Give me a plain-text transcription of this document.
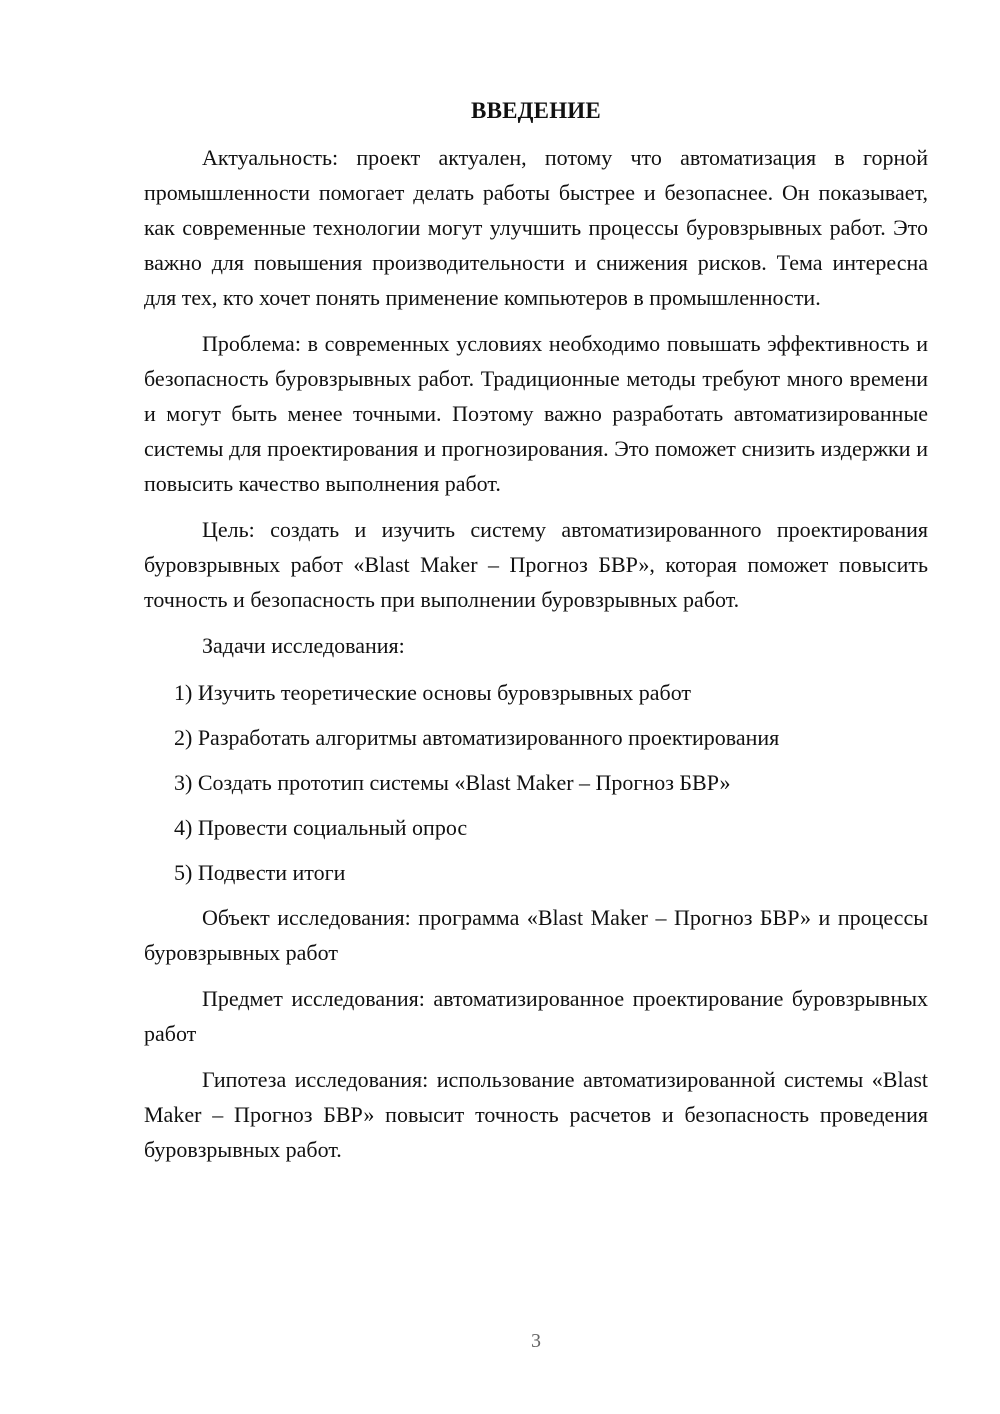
ВВЕДЕНИЕ

Актуальность: проект актуален, потому что автоматизация в горной промышленности помогает делать работы быстрее и безопаснее. Он показывает, как современные технологии могут улучшить процессы буровзрывных работ. Это важно для повышения производительности и снижения рисков. Тема интересна для тех, кто хочет понять применение компьютеров в промышленности.

Проблема: в современных условиях необходимо повышать эффективность и безопасность буровзрывных работ. Традиционные методы требуют много времени и могут быть менее точными. Поэтому важно разработать автоматизированные системы для проектирования и прогнозирования. Это поможет снизить издержки и повысить качество выполнения работ.

Цель: создать и изучить систему автоматизированного проектирования буровзрывных работ «Blast Maker – Прогноз БВР», которая поможет повысить точность и безопасность при выполнении буровзрывных работ.

Задачи исследования:

1) Изучить теоретические основы буровзрывных работ
2) Разработать алгоритмы автоматизированного проектирования
3) Создать прототип системы «Blast Maker – Прогноз БВР»
4) Провести социальный опрос
5) Подвести итоги

Объект исследования: программа «Blast Maker – Прогноз БВР» и процессы буровзрывных работ

Предмет исследования: автоматизированное проектирование буровзрывных работ

Гипотеза исследования: использование автоматизированной системы «Blast Maker – Прогноз БВР» повысит точность расчетов и безопасность проведения буровзрывных работ.

3
